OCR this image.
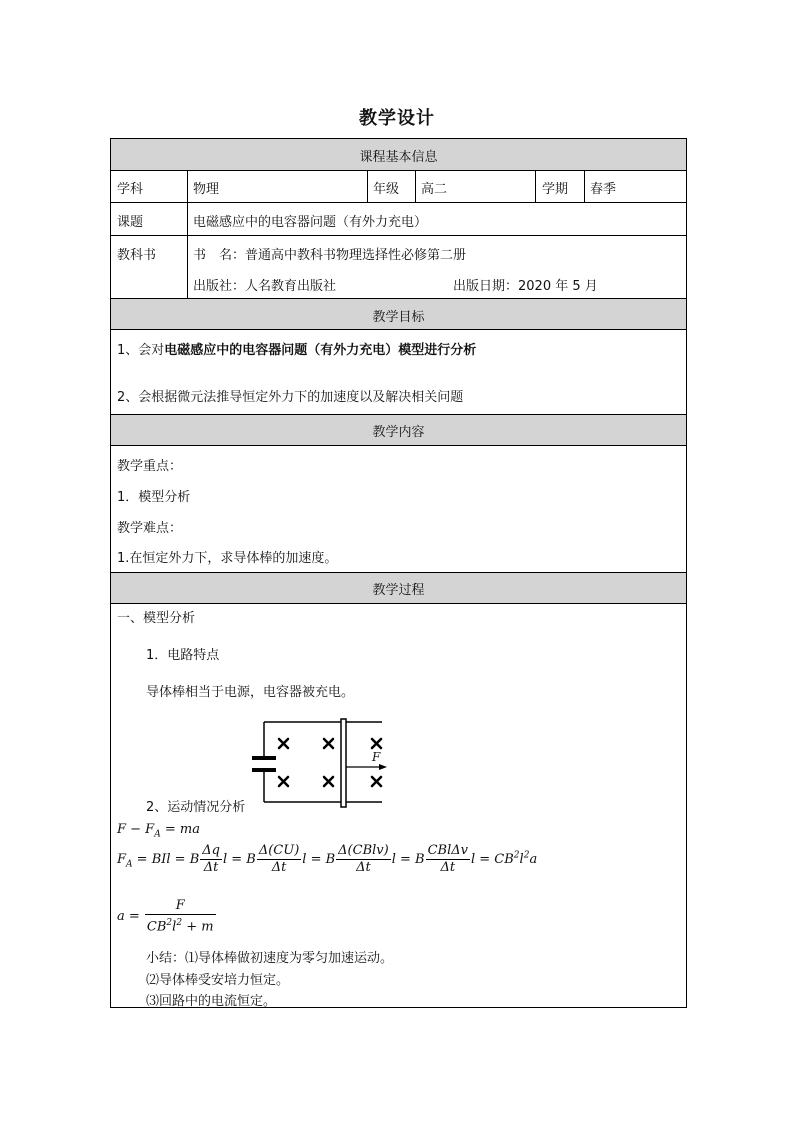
教学设计
课程基本信息
教学目标
教学内容
教学过程
学科	物理	年级 高二	学期 春季
课题	电磁感应中的电容器问题（有外力充电）
教科书	书　名：普通高中教科书物理选择性必修第二册
出版社：人名教育出版社	出版日期：2020 年 5 月
1、会对电磁感应中的电容器问题（有外力充电）模型进行分析
2、会根据微元法推导恒定外力下的加速度以及解决相关问题
教学重点：
1．模型分析
教学难点：
1.在恒定外力下，求导体棒的加速度。
一、模型分析
1．电路特点
导体棒相当于电源，电容器被充电。
F
2、运动情况分析
$F - F_A$ = ma
$F_A$ = BIl = B $\frac{\Delta q}{\Delta t}$ l = B $\frac{\Delta(CU)}{\Delta t}$ l = B $\frac{\text{Δ(CBlv)}}{\Delta t}$ l = B $\frac{\text{CBlΔv}}{\Delta t}$ $l = CB^2l^2a$
$a = \frac{F}{CB^2l^2 + m}$
小结：⑴导体棒做初速度为零匀加速运动。
⑵导体棒受安培力恒定。
⑶回路中的电流恒定。
